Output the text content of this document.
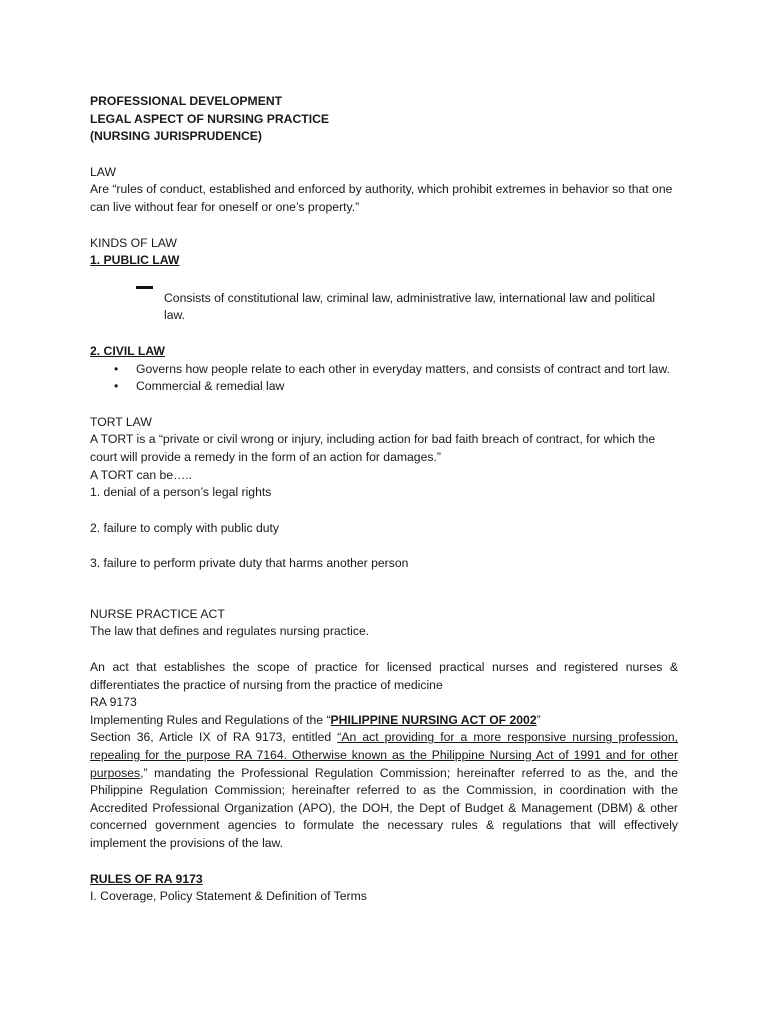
PROFESSIONAL DEVELOPMENT
LEGAL ASPECT OF NURSING PRACTICE
(NURSING JURISPRUDENCE)
LAW
Are “rules of conduct, established and enforced by authority, which prohibit extremes in behavior so that one can live without fear for oneself or one’s property.”
KINDS OF LAW
1. PUBLIC LAW
Consists of constitutional law, criminal law, administrative law, international law and political law.
2. CIVIL LAW
• Governs how people relate to each other in everyday matters, and consists of contract and tort law.
• Commercial & remedial law
TORT LAW
A TORT is a “private or civil wrong or injury, including action for bad faith breach of contract, for which the court will provide a remedy in the form of an action for damages.”
A TORT can be…..
1. denial of a person’s legal rights
2. failure to comply with public duty
3. failure to perform private duty that harms another person
NURSE PRACTICE ACT
The law that defines and regulates nursing practice.
An act that establishes the scope of practice for licensed practical nurses and registered nurses & differentiates the practice of nursing from the practice of medicine
RA 9173
Implementing Rules and Regulations of the “PHILIPPINE NURSING ACT OF 2002”
Section 36, Article IX of RA 9173, entitled “An act providing for a more responsive nursing profession, repealing for the purpose RA 7164. Otherwise known as the Philippine Nursing Act of 1991 and for other purposes,” mandating the Professional Regulation Commission; hereinafter referred to as the, and the Philippine Regulation Commission; hereinafter referred to as the Commission, in coordination with the Accredited Professional Organization (APO), the DOH, the Dept of Budget & Management (DBM) & other concerned government agencies to formulate the necessary rules & regulations that will effectively implement the provisions of the law.
RULES OF RA 9173
I. Coverage, Policy Statement & Definition of Terms
